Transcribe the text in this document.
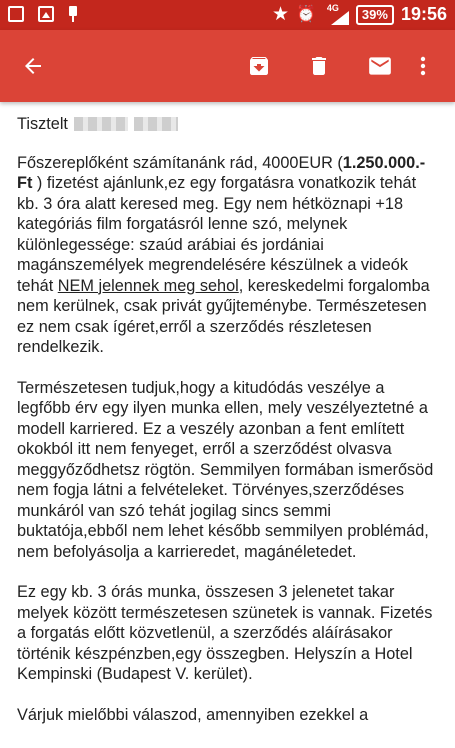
★ ⏰ 4G	39% 19:56

Tisztelt

Főszereplőként számítanánk rád, 4000EUR (1.250.000.- Ft ) fizetést ajánlunk,ez egy forgatásra vonatkozik tehát kb. 3 óra alatt keresed meg. Egy nem hétköznapi +18 kategóriás film forgatásról lenne szó, melynek különlegessége: szaúd arábiai és jordániai magánszemélyek megrendelésére készülnek a videók tehát NEM jelennek meg sehol, kereskedelmi forgalomba nem kerülnek, csak privát gyűjteménybe. Természetesen ez nem csak ígéret,erről a szerződés részletesen rendelkezik.

Természetesen tudjuk,hogy a kitudódás veszélye a legfőbb érv egy ilyen munka ellen, mely veszélyeztetné a modell karriered. Ez a veszély azonban a fent említett okokból itt nem fenyeget, erről a szerződést olvasva meggyőződhetsz rögtön. Semmilyen formában ismerősöd nem fogja látni a felvételeket. Törvényes,szerződéses munkáról van szó tehát jogilag sincs semmi buktatója,ebből nem lehet később semmilyen problémád, nem befolyásolja a karrieredet, magánéletedet.

Ez egy kb. 3 órás munka, összesen 3 jelenetet takar melyek között természetesen szünetek is vannak. Fizetés a forgatás előtt közvetlenül, a szerződés aláírásakor történik készpénzben,egy összegben. Helyszín a Hotel Kempinski (Budapest V. kerület).

Várjuk mielőbbi válaszod, amennyiben ezekkel a
